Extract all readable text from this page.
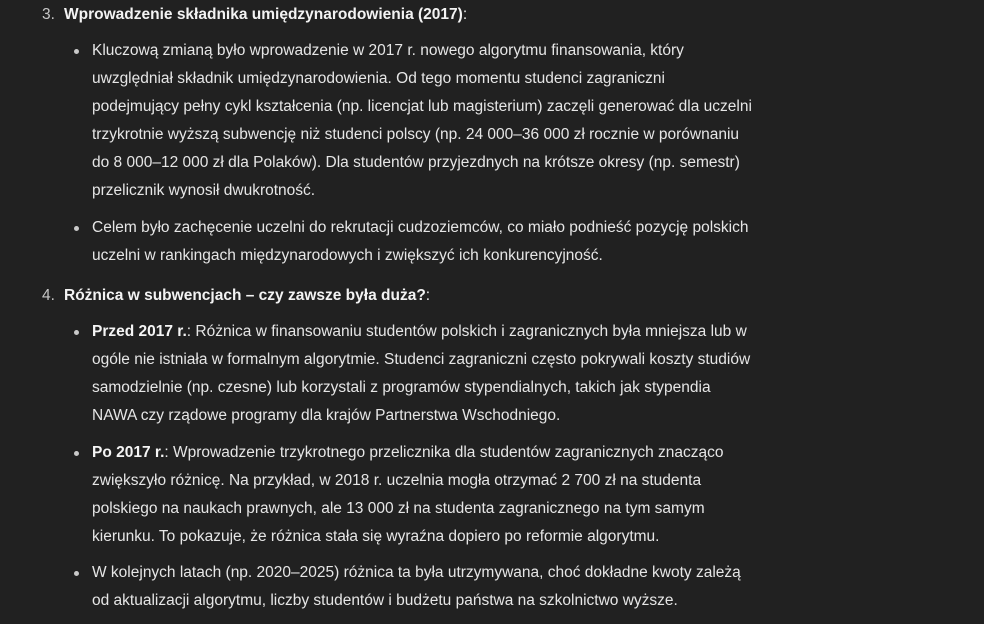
3. Wprowadzenie składnika umiędzynarodowienia (2017):
Kluczową zmianą było wprowadzenie w 2017 r. nowego algorytmu finansowania, który
uwzględniał składnik umiędzynarodowienia. Od tego momentu studenci zagraniczni
podejmujący pełny cykl kształcenia (np. licencjat lub magisterium) zaczęli generować dla uczelni
trzykrotnie wyższą subwencję niż studenci polscy (np. 24 000–36 000 zł rocznie w porównaniu
do 8 000–12 000 zł dla Polaków). Dla studentów przyjezdnych na krótsze okresy (np. semestr)
przelicznik wynosił dwukrotność.
Celem było zachęcenie uczelni do rekrutacji cudzoziemców, co miało podnieść pozycję polskich
uczelni w rankingach międzynarodowych i zwiększyć ich konkurencyjność.
4. Różnica w subwencjach – czy zawsze była duża?:
Przed 2017 r.: Różnica w finansowaniu studentów polskich i zagranicznych była mniejsza lub w
ogóle nie istniała w formalnym algorytmie. Studenci zagraniczni często pokrywali koszty studiów
samodzielnie (np. czesne) lub korzystali z programów stypendialnych, takich jak stypendia
NAWA czy rządowe programy dla krajów Partnerstwa Wschodniego.
Po 2017 r.: Wprowadzenie trzykrotnego przelicznika dla studentów zagranicznych znacząco
zwiększyło różnicę. Na przykład, w 2018 r. uczelnia mogła otrzymać 2 700 zł na studenta
polskiego na naukach prawnych, ale 13 000 zł na studenta zagranicznego na tym samym
kierunku. To pokazuje, że różnica stała się wyraźna dopiero po reformie algorytmu.
W kolejnych latach (np. 2020–2025) różnica ta była utrzymywana, choć dokładne kwoty zależą
od aktualizacji algorytmu, liczby studentów i budżetu państwa na szkolnictwo wyższe.
